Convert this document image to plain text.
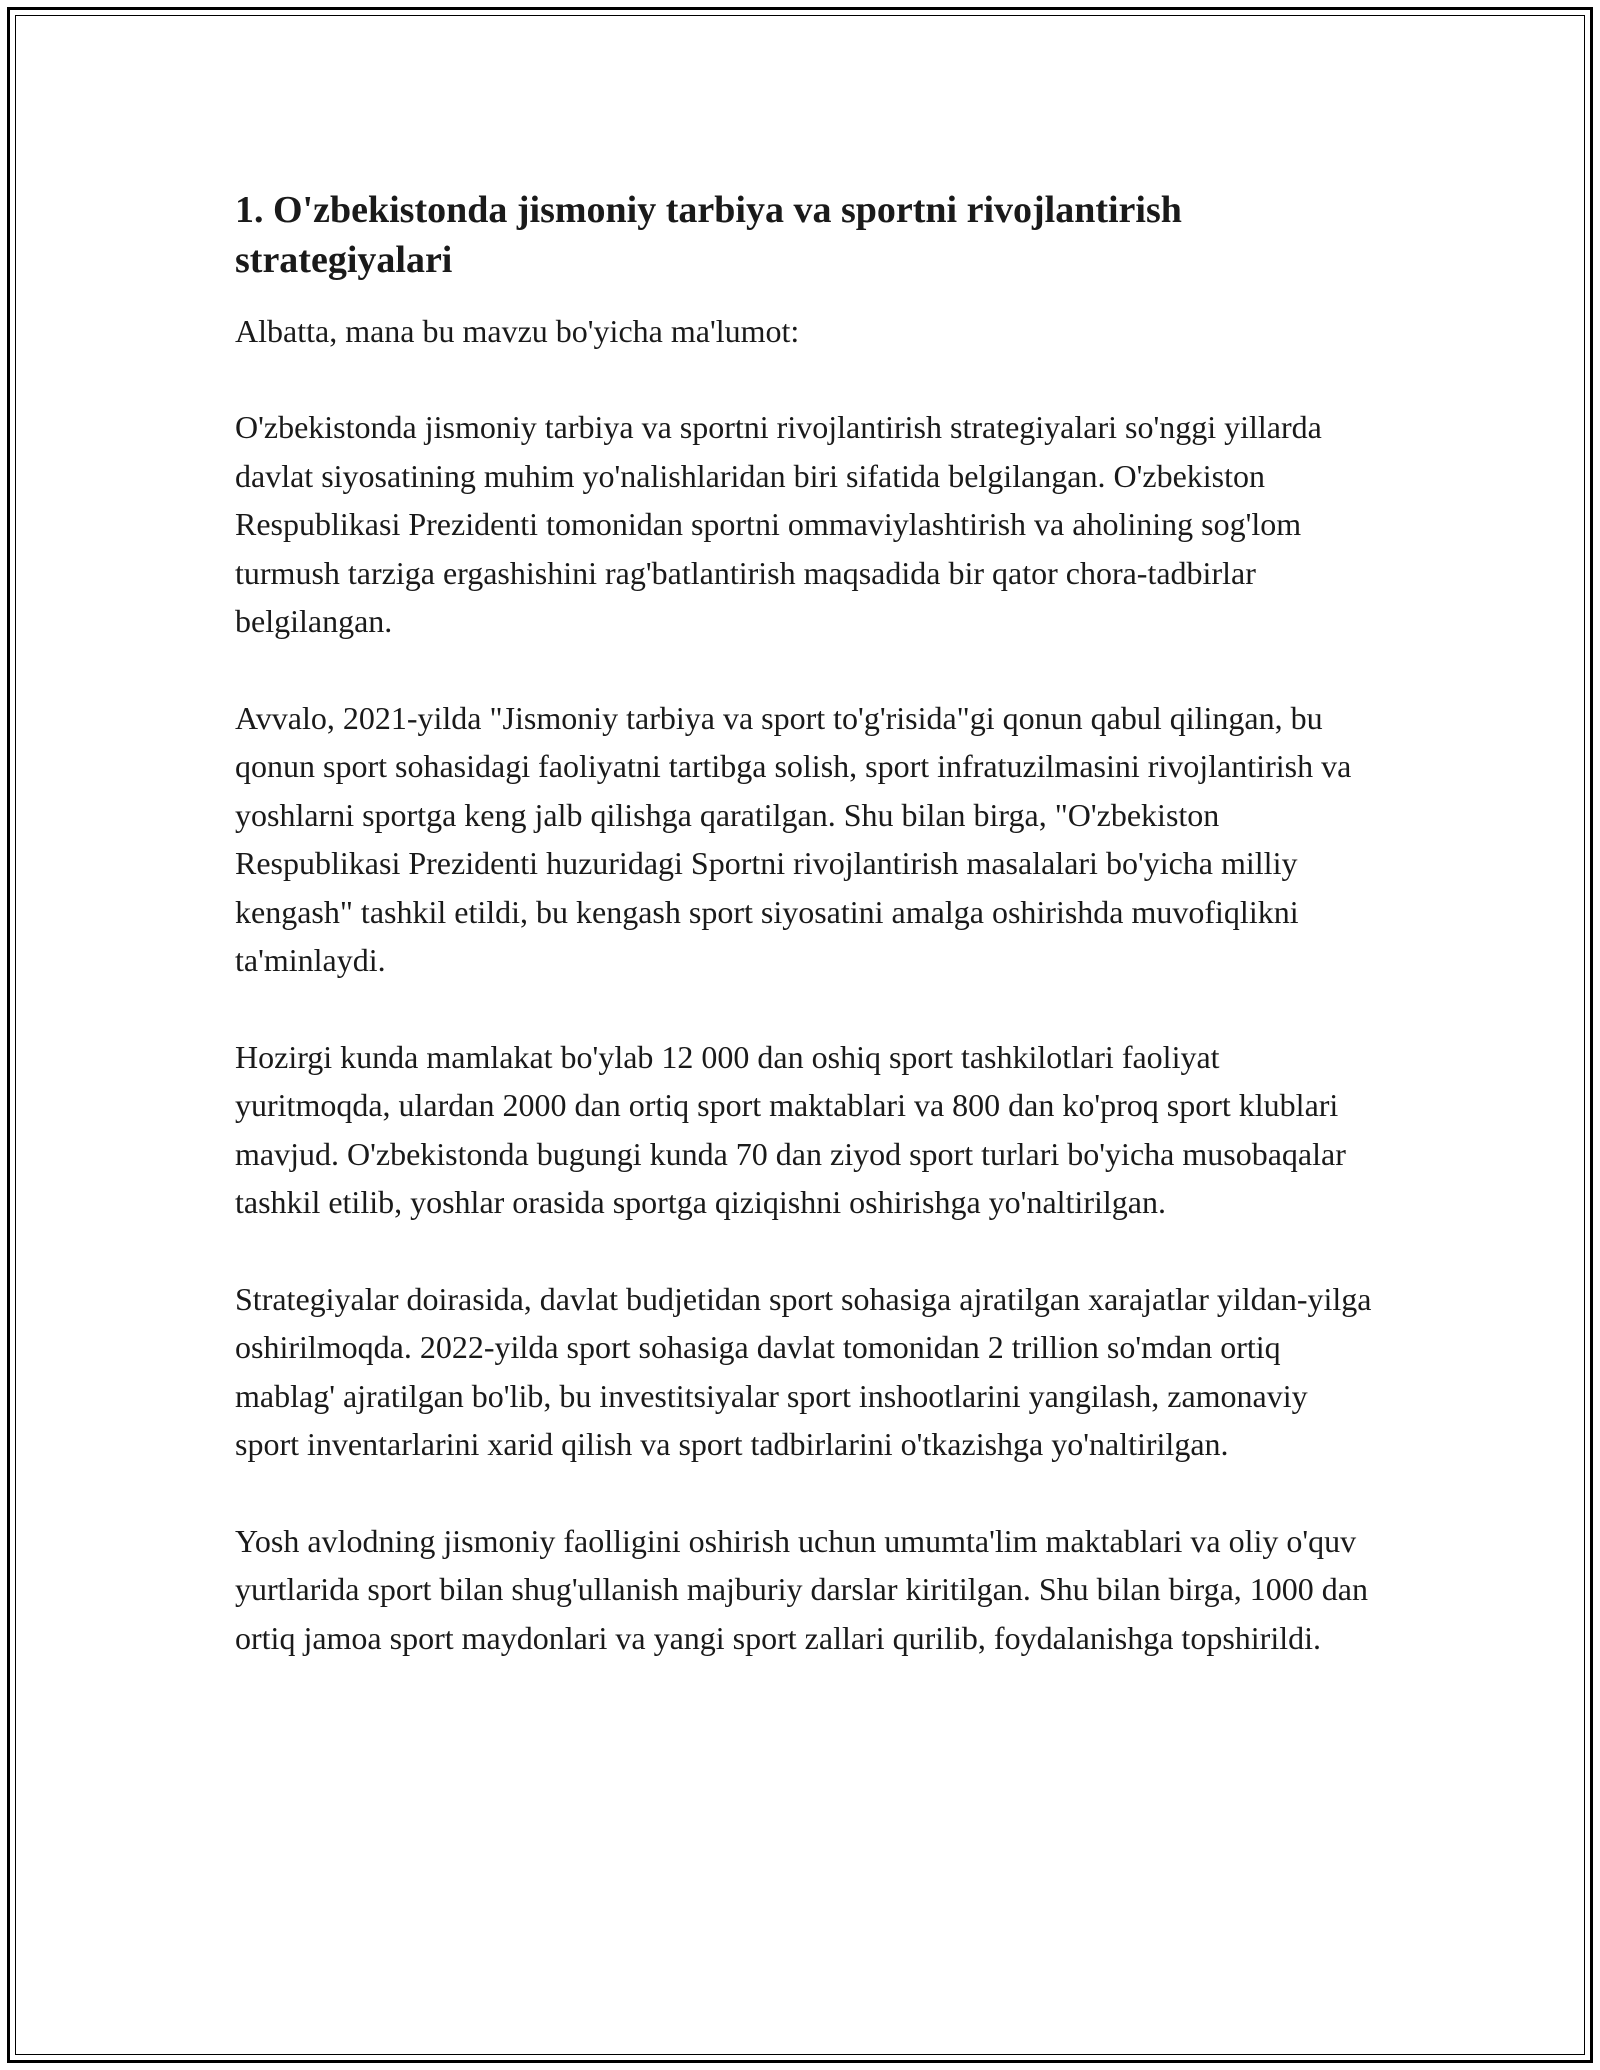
1. O'zbekistonda jismoniy tarbiya va sportni rivojlantirish strategiyalari

Albatta, mana bu mavzu bo'yicha ma'lumot:

O'zbekistonda jismoniy tarbiya va sportni rivojlantirish strategiyalari so'nggi yillarda davlat siyosatining muhim yo'nalishlaridan biri sifatida belgilangan. O'zbekiston Respublikasi Prezidenti tomonidan sportni ommaviylashtirish va aholining sog'lom turmush tarziga ergashishini rag'batlantirish maqsadida bir qator chora-tadbirlar belgilangan.

Avvalo, 2021-yilda "Jismoniy tarbiya va sport to'g'risida"gi qonun qabul qilingan, bu qonun sport sohasidagi faoliyatni tartibga solish, sport infratuzilmasini rivojlantirish va yoshlarni sportga keng jalb qilishga qaratilgan. Shu bilan birga, "O'zbekiston Respublikasi Prezidenti huzuridagi Sportni rivojlantirish masalalari bo'yicha milliy kengash" tashkil etildi, bu kengash sport siyosatini amalga oshirishda muvofiqlikni ta'minlaydi.

Hozirgi kunda mamlakat bo'ylab 12 000 dan oshiq sport tashkilotlari faoliyat yuritmoqda, ulardan 2000 dan ortiq sport maktablari va 800 dan ko'proq sport klublari mavjud. O'zbekistonda bugungi kunda 70 dan ziyod sport turlari bo'yicha musobaqalar tashkil etilib, yoshlar orasida sportga qiziqishni oshirishga yo'naltirilgan.

Strategiyalar doirasida, davlat budjetidan sport sohasiga ajratilgan xarajatlar yildan-yilga oshirilmoqda. 2022-yilda sport sohasiga davlat tomonidan 2 trillion so'mdan ortiq mablag' ajratilgan bo'lib, bu investitsiyalar sport inshootlarini yangilash, zamonaviy sport inventarlarini xarid qilish va sport tadbirlarini o'tkazishga yo'naltirilgan.

Yosh avlodning jismoniy faolligini oshirish uchun umumta'lim maktablari va oliy o'quv yurtlarida sport bilan shug'ullanish majburiy darslar kiritilgan. Shu bilan birga, 1000 dan ortiq jamoa sport maydonlari va yangi sport zallari qurilib, foydalanishga topshirildi.
